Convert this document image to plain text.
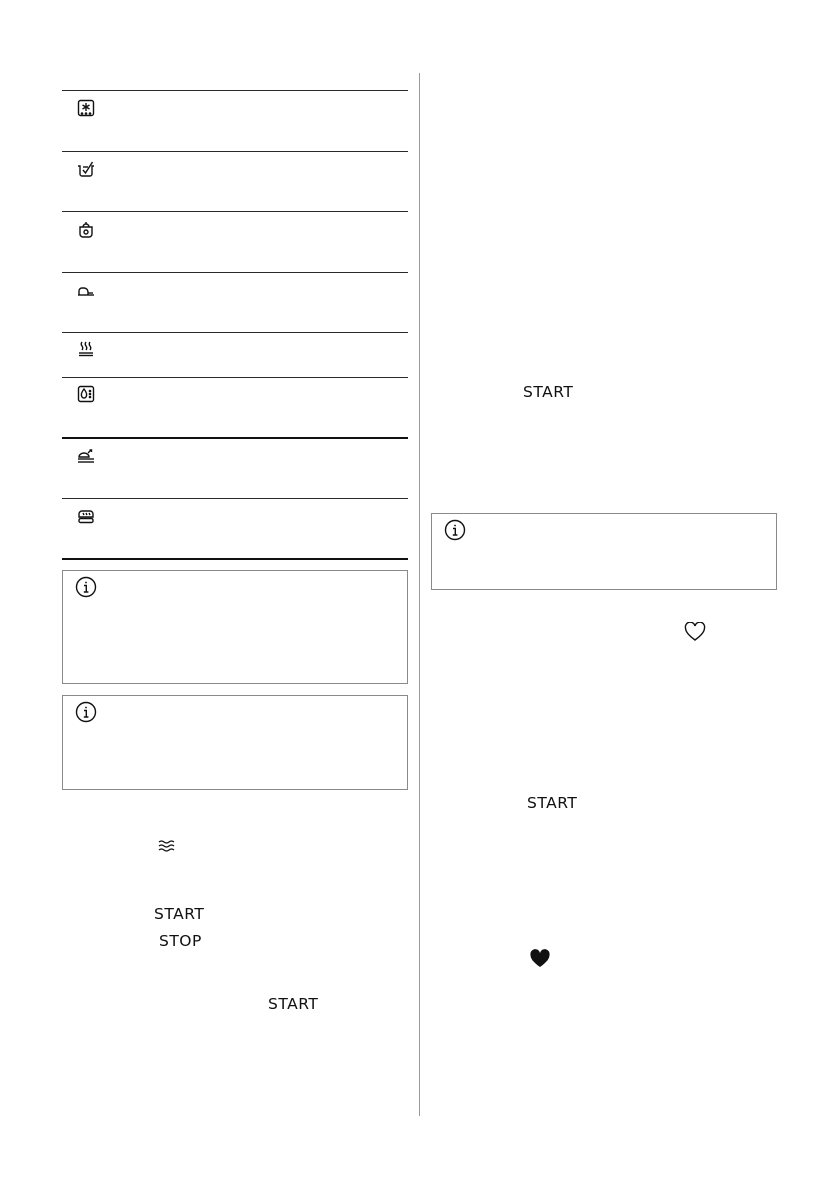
START
STOP
START
START
START
